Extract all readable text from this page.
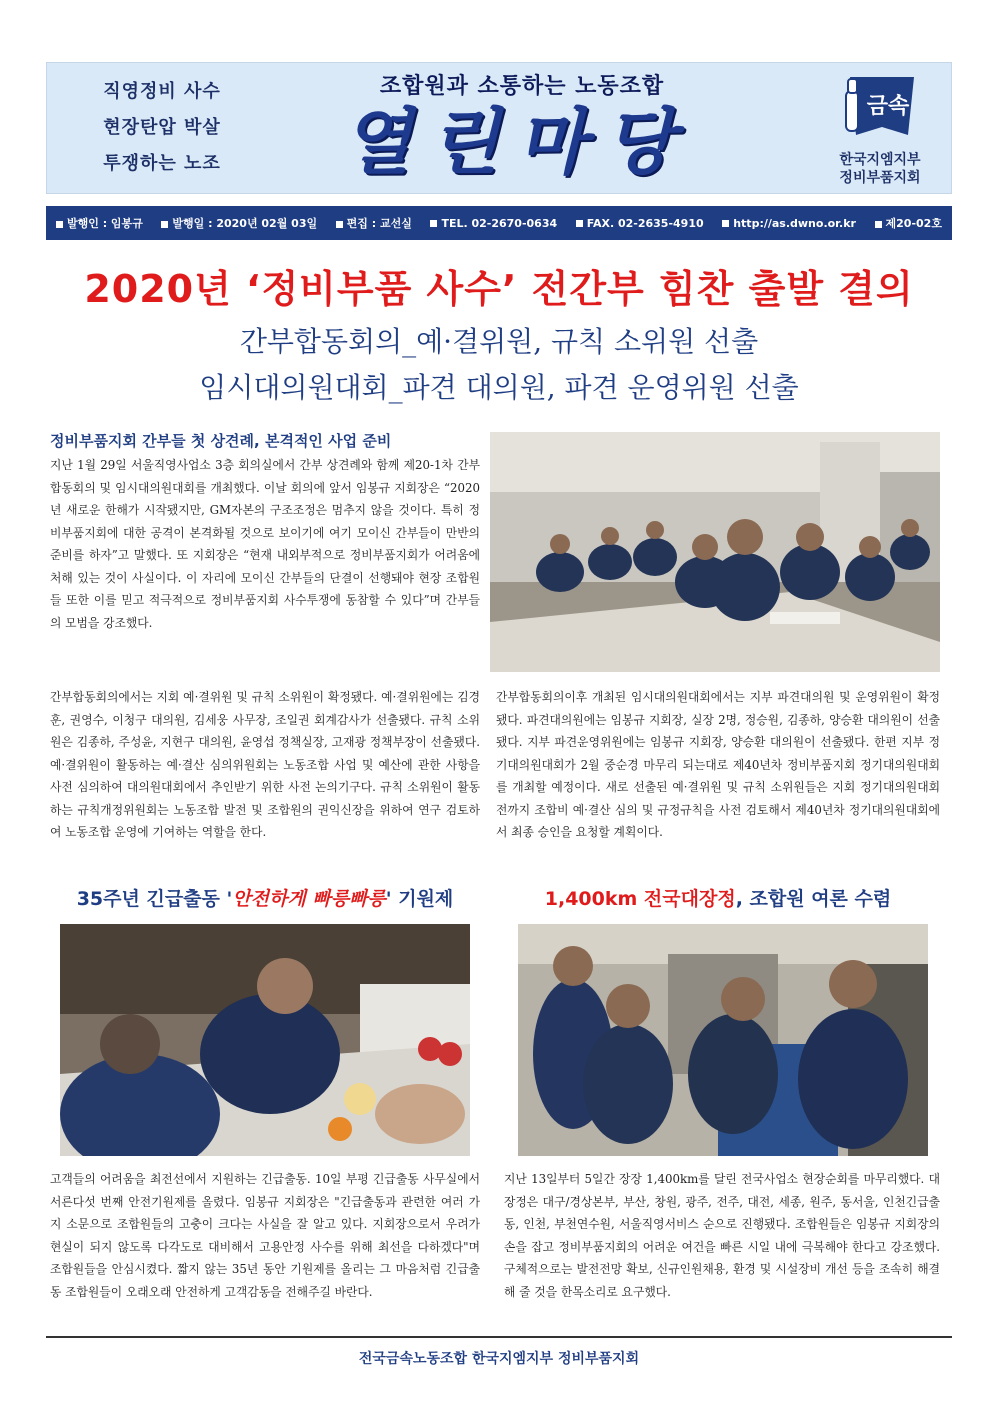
직영정비 사수
현장탄압 박살
투쟁하는 노조
조합원과 소통하는 노동조합
열린마당	금속
한국지엠지부
정비부품지회
발행인 : 임봉규	발행일 : 2020년 02월 03일	편집 : 교선실	TEL. 02-2670-0634	FAX. 02-2635-4910	http://as.dwno.or.kr	제20-02호
2020년 ‘정비부품 사수’ 전간부 힘찬 출발 결의
간부합동회의_예·결위원, 규칙 소위원 선출
임시대의원대회_파견 대의원, 파견 운영위원 선출
정비부품지회 간부들 첫 상견례, 본격적인 사업 준비
지난 1월 29일 서울직영사업소 3층 회의실에서 간부 상견례와 함께 제20-1차 간부합동회의 및 임시대의원대회를 개최했다. 이날 회의에 앞서 임봉규 지회장은 “2020년 새로운 한해가 시작됐지만, GM자본의 구조조정은 멈추지 않을 것이다. 특히 정비부품지회에 대한 공격이 본격화될 것으로 보이기에 여기 모이신 간부들이 만반의 준비를 하자”고 말했다. 또 지회장은 “현재 내외부적으로 정비부품지회가 어려움에 처해 있는 것이 사실이다. 이 자리에 모이신 간부들의 단결이 선행돼야 현장 조합원들 또한 이를 믿고 적극적으로 정비부품지회 사수투쟁에 동참할 수 있다”며 간부들의 모범을 강조했다.
간부합동회의에서는 지회 예·결위원 및 규칙 소위원이 확정됐다. 예·결위원에는 김경훈, 권영수, 이청구 대의원, 김세웅 사무장, 조일권 회계감사가 선출됐다. 규칙 소위원은 김종하, 주성윤, 지현구 대의원, 윤영섭 정책실장, 고재광 정책부장이 선출됐다. 예·결위원이 활동하는 예·결산 심의위원회는 노동조합 사업 및 예산에 관한 사항을 사전 심의하여 대의원대회에서 추인받기 위한 사전 논의기구다. 규칙 소위원이 활동하는 규칙개정위원회는 노동조합 발전 및 조합원의 권익신장을 위하여 연구 검토하여 노동조합 운영에 기여하는 역할을 한다.
간부합동회의이후 개최된 임시대의원대회에서는 지부 파견대의원 및 운영위원이 확정됐다. 파견대의원에는 임봉규 지회장, 실장 2명, 정승원, 김종하, 양승환 대의원이 선출됐다. 지부 파견운영위원에는 임봉규 지회장, 양승환 대의원이 선출됐다. 한편 지부 정기대의원대회가 2월 중순경 마무리 되는대로 제40년차 정비부품지회 정기대의원대회를 개최할 예정이다. 새로 선출된 예·결위원 및 규칙 소위원들은 지회 정기대의원대회 전까지 조합비 예·결산 심의 및 규정규칙을 사전 검토해서 제40년차 정기대의원대회에서 최종 승인을 요청할 계획이다.
35주년 긴급출동 '안전하게 빠릉빠릉' 기원제
고객들의 어려움을 최전선에서 지원하는 긴급출동. 10일 부평 긴급출동 사무실에서 서른다섯 번째 안전기원제를 올렸다. 임봉규 지회장은 "긴급출동과 관련한 여러 가지 소문으로 조합원들의 고충이 크다는 사실을 잘 알고 있다. 지회장으로서 우려가 현실이 되지 않도록 다각도로 대비해서 고용안정 사수를 위해 최선을 다하겠다"며 조합원들을 안심시켰다. 짧지 않는 35년 동안 기원제를 올리는 그 마음처럼 긴급출동 조합원들이 오래오래 안전하게 고객감동을 전해주길 바란다.
1,400km 전국대장정, 조합원 여론 수렴
지난 13일부터 5일간 장장 1,400km를 달린 전국사업소 현장순회를 마무리했다. 대장정은 대구/경상본부, 부산, 창원, 광주, 전주, 대전, 세종, 원주, 동서울, 인천긴급출동, 인천, 부천연수원, 서울직영서비스 순으로 진행됐다. 조합원들은 임봉규 지회장의 손을 잡고 정비부품지회의 어려운 여건을 빠른 시일 내에 극복해야 한다고 강조했다. 구체적으로는 발전전망 확보, 신규인원채용, 환경 및 시설장비 개선 등을 조속히 해결해 줄 것을 한목소리로 요구했다.
전국금속노동조합 한국지엠지부 정비부품지회
